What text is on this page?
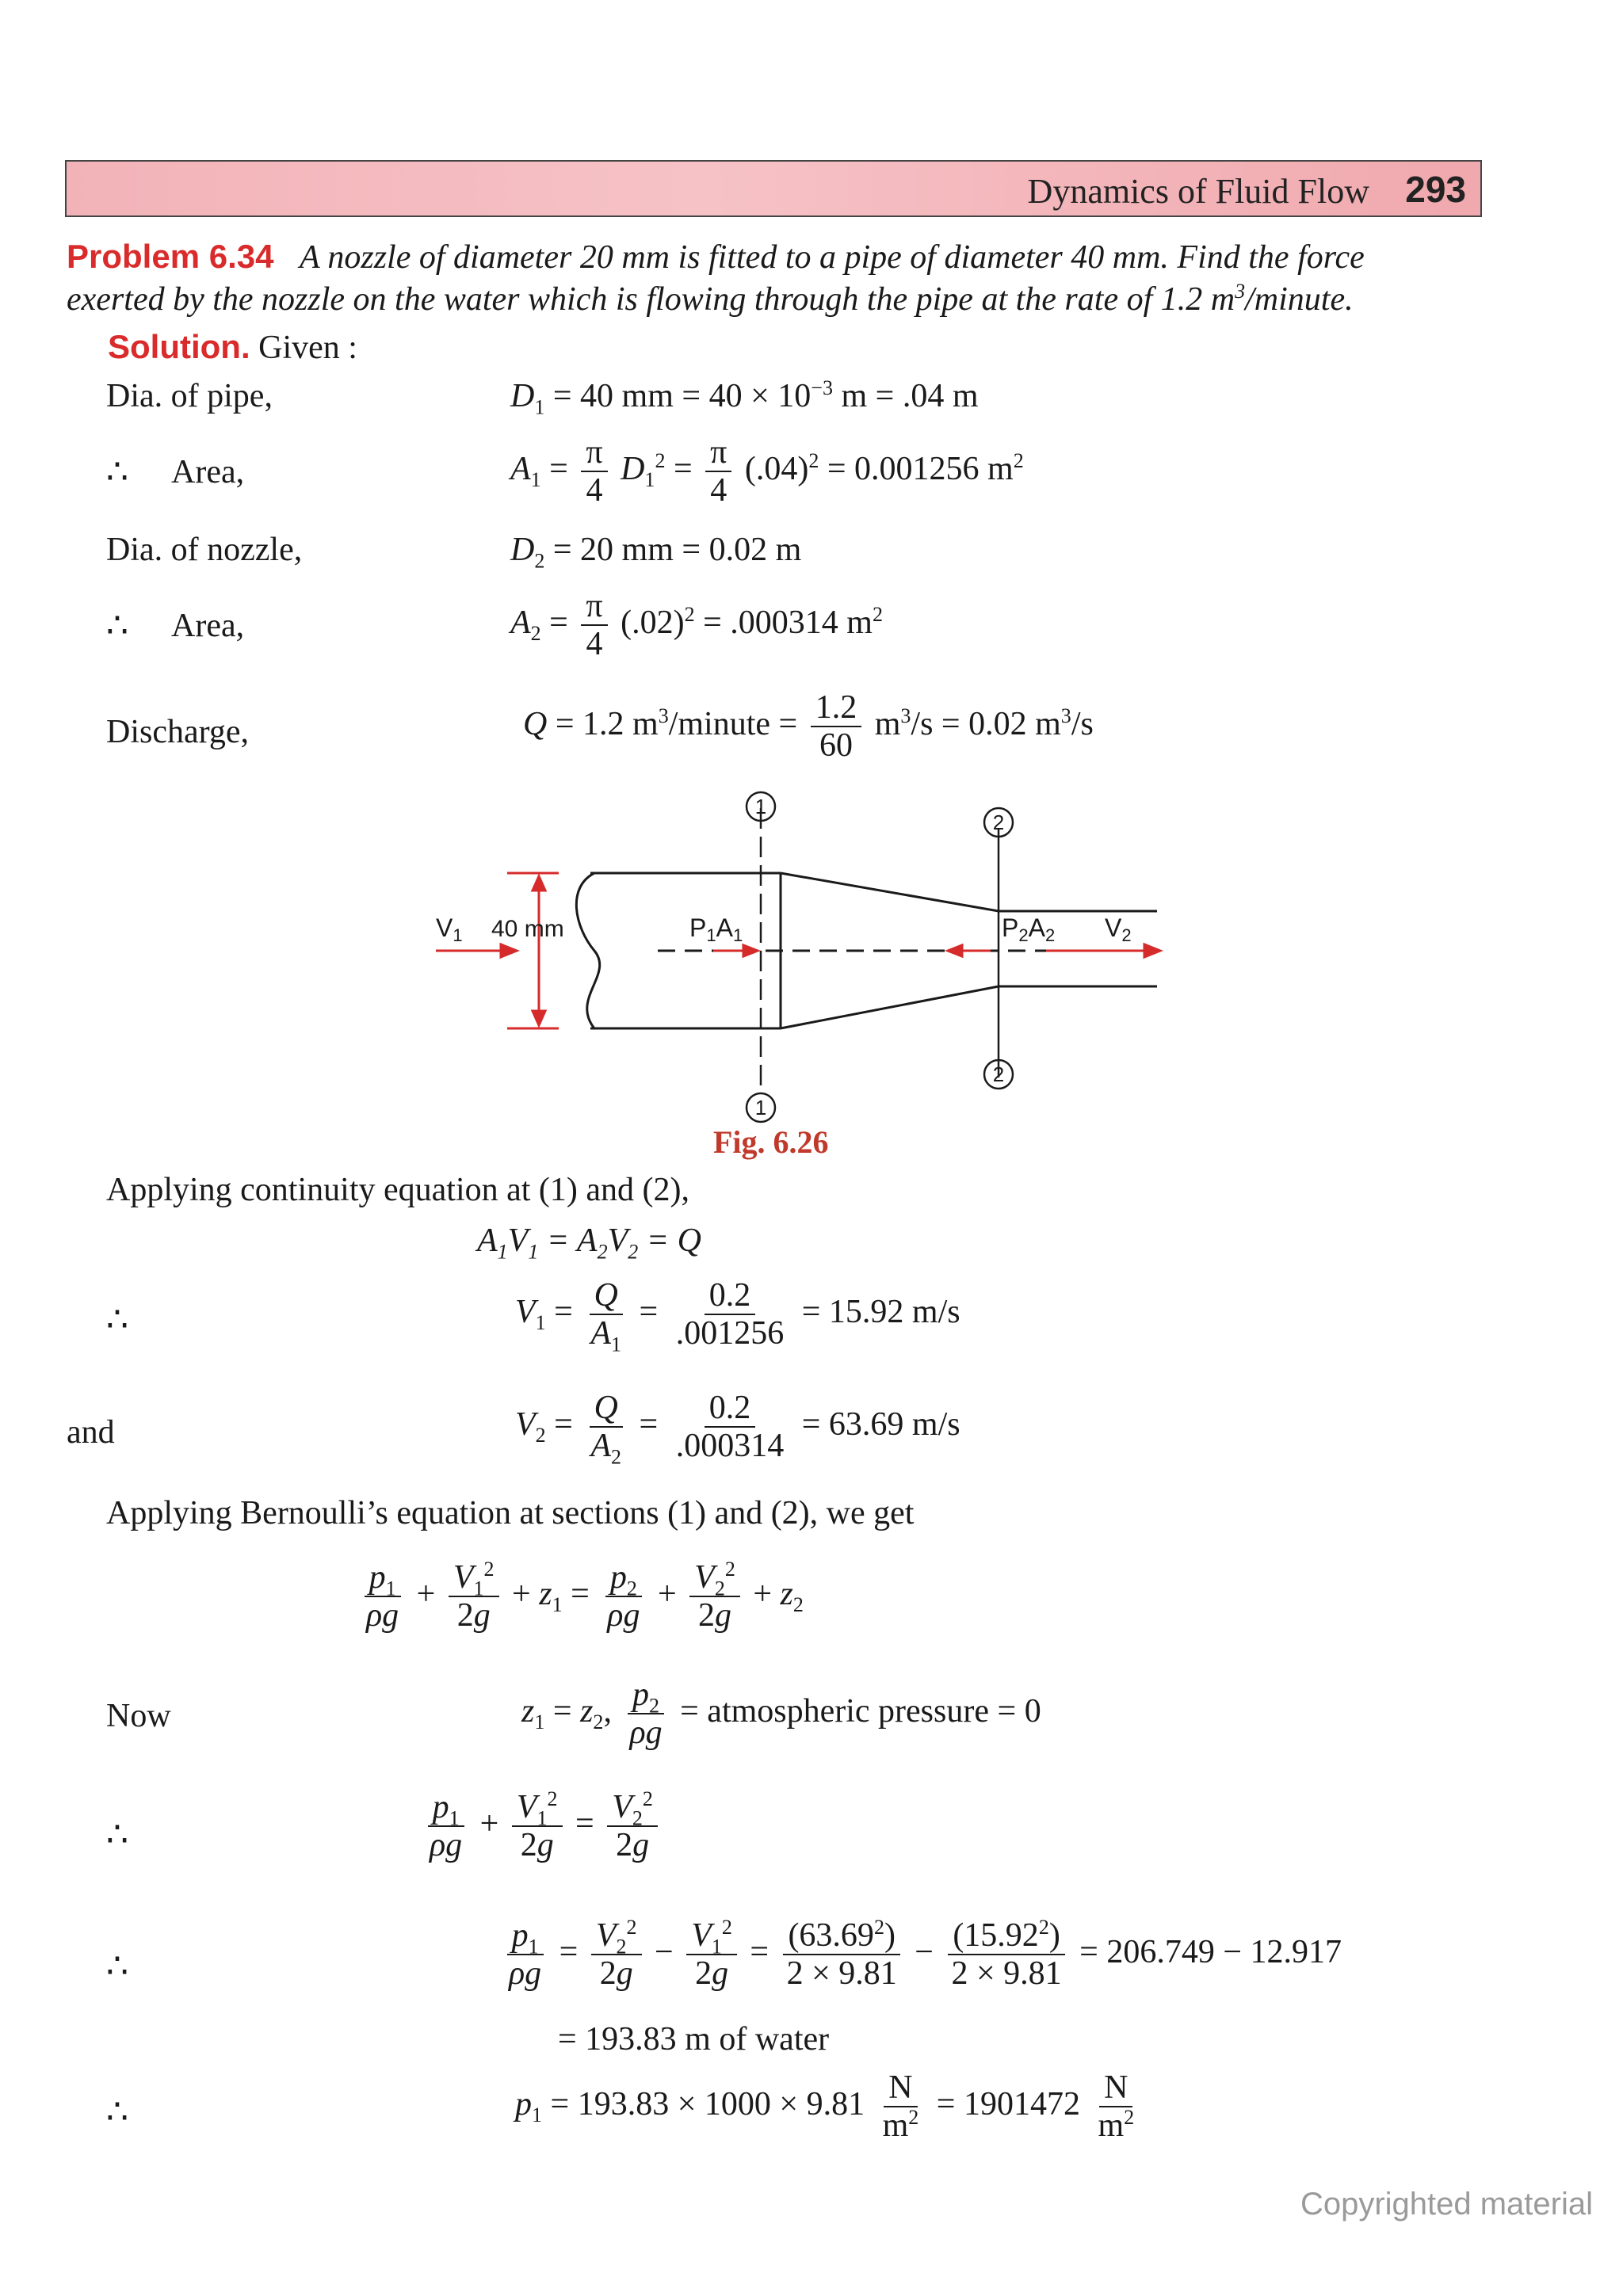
Dynamics of Fluid Flow 293
Problem 6.34 A nozzle of diameter 20 mm is fitted to a pipe of diameter 40 mm. Find the force
exerted by the nozzle on the water which is flowing through the pipe at the rate of 1.2 $m^3$/minute.
Solution. Given :
Dia. of pipe,	$D_1 = 40$ mm = $40 \times 10^{-3}$ m = .04 m
∴ Area,	$A_1 = \frac{\pi}{4} D_1^2 = \frac{\pi}{4} (.04)^2 = 0.001256$ $m^2$
Dia. of nozzle,	$D_2 = 20$ mm = 0.02 m
∴ Area,	$A_2 = \frac{\pi}{4} (.02)^2 = .000314$ $m^2$
Discharge,	Q = 1.2 $m^3$/minute = $\frac{1.2}{60} m^3/s = 0.02$ $m^3/s$
1
1
2
2
V1 40 mm	P1A1	P2A2 V2
Fig. 6.26
Applying continuity equation at (1) and (2),
$A_1V_1 = A_2V_2 = Q$
∴	$V_1 = \frac{Q}{A_1} = \frac{0.2}{.001256} = 15.92$ m/s
and	$V_2 = \frac{Q}{A_2} = \frac{0.2}{.000314} = 63.69$ m/s
Applying Bernoulli’s equation at sections (1) and (2), we get
$\frac{p_1}{\rho g} + \frac{V_1^2}{2g} + z_1 = \frac{p_2}{\rho g} + \frac{V_2^2}{2g} + z_2$
Now	$z_1 = z_2$, $\frac{p_2}{\rho g}$ = atmospheric pressure = 0
∴	$\frac{p_1}{\rho g} + \frac{V_1^2}{2g} = \frac{V_2^2}{2g}$
∴	$\frac{p_1}{\rho g} = \frac{V_2^2}{2g} - \frac{V_1^2}{2g} = \frac{(63.69^2)}{2 \times 9.81} - \frac{(15.92^2)}{2 \times 9.81} = 206.749 - 12.917$
= 193.83 m of water
∴	$p_1 = 193.83 \times 1000 \times 9.81 \frac{N}{m^2} = 1901472 \frac{N}{m^2}$
Copyrighted material
